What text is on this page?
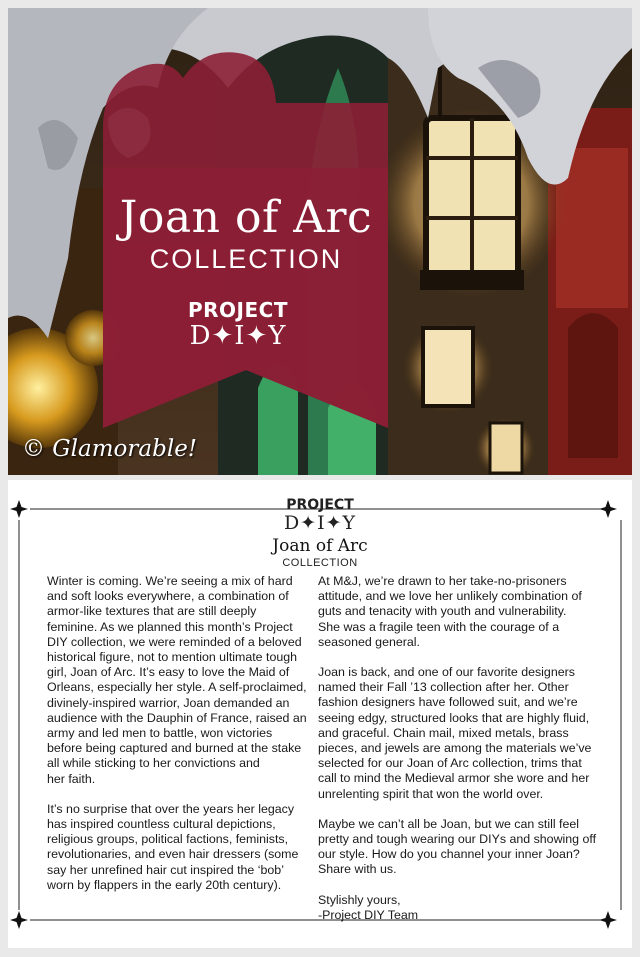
Joan of Arc
COLLECTION
PROJECT
D✦I✦Y
© Glamorable!
PROJECT
D✦I✦Y
Joan of Arc
COLLECTION

Winter is coming. We’re seeing a mix of hard
and soft looks everywhere, a combination of
armor-like textures that are still deeply
feminine. As we planned this month’s Project
DIY collection, we were reminded of a beloved
historical figure, not to mention ultimate tough
girl, Joan of Arc. It’s easy to love the Maid of
Orleans, especially her style. A self-proclaimed,
divinely-inspired warrior, Joan demanded an
audience with the Dauphin of France, raised an
army and led men to battle, won victories
before being captured and burned at the stake
all while sticking to her convictions and
her faith.

It’s no surprise that over the years her legacy
has inspired countless cultural depictions,
religious groups, political factions, feminists,
revolutionaries, and even hair dressers (some
say her unrefined hair cut inspired the ‘bob’
worn by flappers in the early 20th century).

At M&J, we’re drawn to her take-no-prisoners
attitude, and we love her unlikely combination of
guts and tenacity with youth and vulnerability.
She was a fragile teen with the courage of a
seasoned general.

Joan is back, and one of our favorite designers
named their Fall ’13 collection after her. Other
fashion designers have followed suit, and we’re
seeing edgy, structured looks that are highly fluid,
and graceful. Chain mail, mixed metals, brass
pieces, and jewels are among the materials we’ve
selected for our Joan of Arc collection, trims that
call to mind the Medieval armor she wore and her
unrelenting spirit that won the world over.

Maybe we can’t all be Joan, but we can still feel
pretty and tough wearing our DIYs and showing off
our style. How do you channel your inner Joan?
Share with us.

Stylishly yours,
-Project DIY Team
